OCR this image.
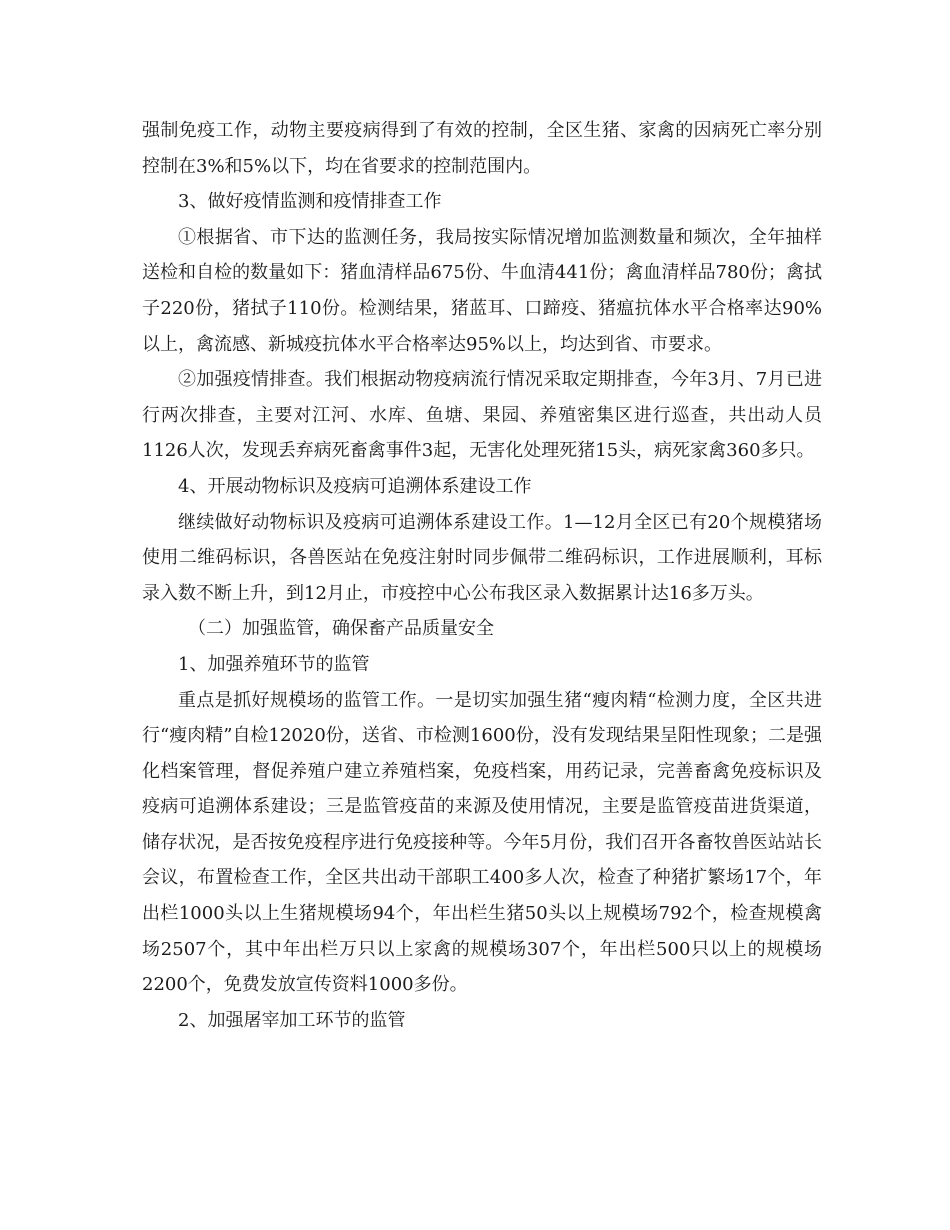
强制免疫工作，动物主要疫病得到了有效的控制，全区生猪、家禽的因病死亡率分别控制在3%和5%以下，均在省要求的控制范围内。

3、做好疫情监测和疫情排查工作

①根据省、市下达的监测任务，我局按实际情况增加监测数量和频次，全年抽样送检和自检的数量如下：猪血清样品675份、牛血清441份；禽血清样品780份；禽拭子220份，猪拭子110份。检测结果，猪蓝耳、口蹄疫、猪瘟抗体水平合格率达90%以上，禽流感、新城疫抗体水平合格率达95%以上，均达到省、市要求。

②加强疫情排查。我们根据动物疫病流行情况采取定期排查，今年3月、7月已进行两次排查，主要对江河、水库、鱼塘、果园、养殖密集区进行巡查，共出动人员1126人次，发现丢弃病死畜禽事件3起，无害化处理死猪15头，病死家禽360多只。

4、开展动物标识及疫病可追溯体系建设工作

继续做好动物标识及疫病可追溯体系建设工作。1—12月全区已有20个规模猪场使用二维码标识，各兽医站在免疫注射时同步佩带二维码标识，工作进展顺利，耳标录入数不断上升，到12月止，市疫控中心公布我区录入数据累计达16多万头。

（二）加强监管，确保畜产品质量安全

1、加强养殖环节的监管

重点是抓好规模场的监管工作。一是切实加强生猪“瘦肉精“检测力度，全区共进行“瘦肉精”自检12020份，送省、市检测1600份，没有发现结果呈阳性现象；二是强化档案管理，督促养殖户建立养殖档案，免疫档案，用药记录，完善畜禽免疫标识及疫病可追溯体系建设；三是监管疫苗的来源及使用情况，主要是监管疫苗进货渠道，储存状况，是否按免疫程序进行免疫接种等。今年5月份，我们召开各畜牧兽医站站长会议，布置检查工作，全区共出动干部职工400多人次，检查了种猪扩繁场17个，年出栏1000头以上生猪规模场94个，年出栏生猪50头以上规模场792个，检查规模禽场2507个，其中年出栏万只以上家禽的规模场307个，年出栏500只以上的规模场2200个，免费发放宣传资料1000多份。

2、加强屠宰加工环节的监管
